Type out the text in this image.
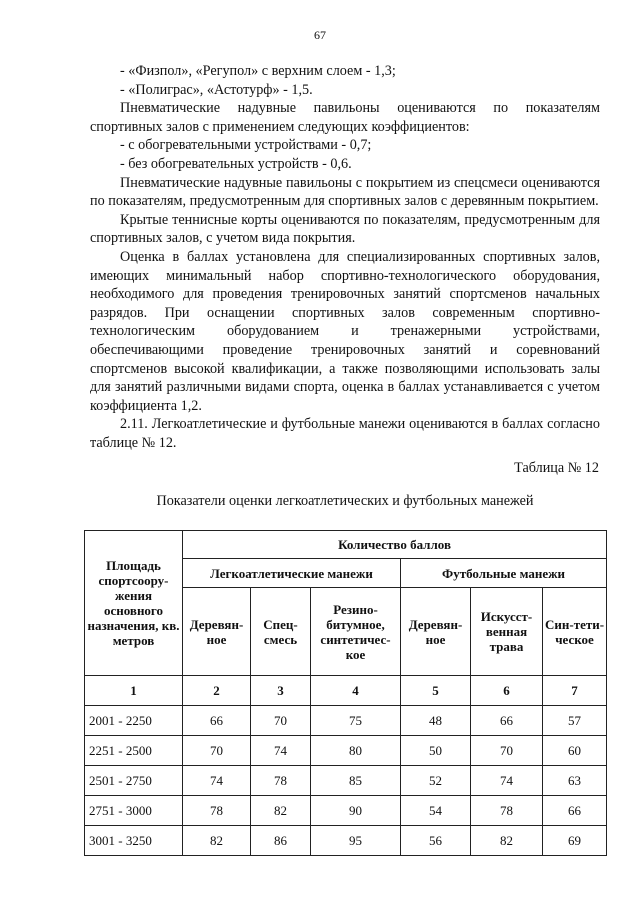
67

- «Физпол», «Регупол» с верхним слоем - 1,3;

- «Полиграс», «Астотурф» - 1,5.

Пневматические надувные павильоны оцениваются по показателям спортивных залов с применением следующих коэффициентов:

- с обогревательными устройствами - 0,7;

- без обогревательных устройств - 0,6.

Пневматические надувные павильоны с покрытием из спецсмеси оцениваются по показателям, предусмотренным для спортивных залов с деревянным покрытием.

Крытые теннисные корты оцениваются по показателям, предусмотренным для спортивных залов, с учетом вида покрытия.

Оценка в баллах установлена для специализированных спортивных залов, имеющих минимальный набор спортивно-технологического оборудования, необходимого для проведения тренировочных занятий спортсменов начальных разрядов. При оснащении спортивных залов современным спортивно-технологическим оборудованием и тренажерными устройствами, обеспечивающими проведение тренировочных занятий и соревнований спортсменов высокой квалификации, а также позволяющими использовать залы для занятий различными видами спорта, оценка в баллах устанавливается с учетом коэффициента 1,2.

2.11. Легкоатлетические и футбольные манежи оцениваются в баллах согласно таблице № 12.

Таблица № 12
Показатели оценки легкоатлетических и футбольных манежей
Площадь спортсоору-жения основного назначения, кв. метров	Количество баллов					
	Легкоатлетические манежи			Футбольные манежи		
	Деревян-ное	Спец-смесь	Резино-битумное, синтетичес-кое	Деревян-ное	Искусст-венная трава	Син-тети-ческое
1	2	3	4	5	6	7
2001 - 2250	66	70	75	48	66	57
2251 - 2500	70	74	80	50	70	60
2501 - 2750	74	78	85	52	74	63
2751 - 3000	78	82	90	54	78	66
3001 - 3250	82	86	95	56	82	69
